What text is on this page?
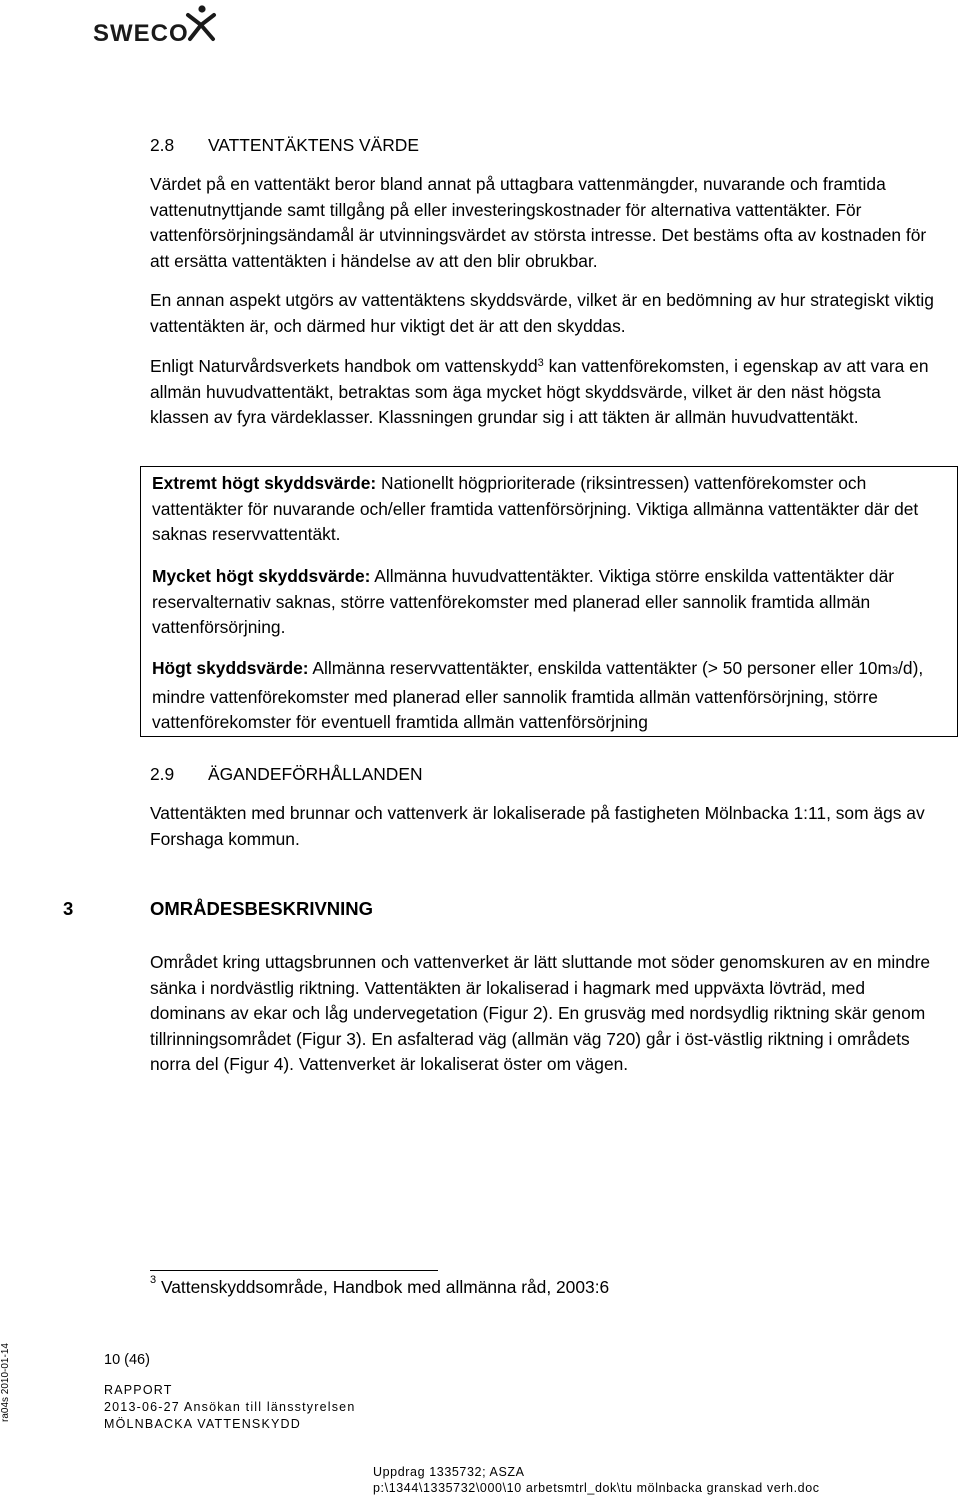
SWECO
2.8 VATTENTÄKTENS VÄRDE

Värdet på en vattentäkt beror bland annat på uttagbara vattenmängder, nuvarande och framtida vattenutnyttjande samt tillgång på eller investeringskostnader för alternativa vattentäkter. För vattenförsörjningsändamål är utvinningsvärdet av största intresse. Det bestäms ofta av kostnaden för att ersätta vattentäkten i händelse av att den blir obrukbar.

En annan aspekt utgörs av vattentäktens skyddsvärde, vilket är en bedömning av hur strategiskt viktig vattentäkten är, och därmed hur viktigt det är att den skyddas.

Enligt Naturvårdsverkets handbok om vattenskydd$^3$ kan vattenförekomsten, i egenskap av att vara en allmän huvudvattentäkt, betraktas som äga mycket högt skyddsvärde, vilket är den näst högsta klassen av fyra värdeklasser. Klassningen grundar sig i att täkten är allmän huvudvattentäkt.

Extremt högt skyddsvärde: Nationellt högprioriterade (riksintressen) vattenförekomster och vattentäkter för nuvarande och/eller framtida vattenförsörjning. Viktiga allmänna vattentäkter där det saknas reservvattentäkt.

Mycket högt skyddsvärde: Allmänna huvudvattentäkter. Viktiga större enskilda vattentäkter där reservalternativ saknas, större vattenförekomster med planerad eller sannolik framtida allmän vattenförsörjning.

Högt skyddsvärde: Allmänna reservvattentäkter, enskilda vattentäkter (> 50 personer eller 10m3/d), mindre vattenförekomster med planerad eller sannolik framtida allmän vattenförsörjning, större vattenförekomster för eventuell framtida allmän vattenförsörjning

2.9 ÄGANDEFÖRHÅLLANDEN

Vattentäkten med brunnar och vattenverk är lokaliserade på fastigheten Mölnbacka 1:11, som ägs av Forshaga kommun.

3	OMRÅDESBESKRIVNING

Området kring uttagsbrunnen och vattenverket är lätt sluttande mot söder genomskuren av en mindre sänka i nordvästlig riktning. Vattentäkten är lokaliserad i hagmark med uppväxta lövträd, med dominans av ekar och låg undervegetation (Figur 2). En grusväg med nordsydlig riktning skär genom tillrinningsområdet (Figur 3). En asfalterad väg (allmän väg 720) går i öst-västlig riktning i områdets norra del (Figur 4). Vattenverket är lokaliserat öster om vägen.

$^3$ Vattenskyddsområde, Handbok med allmänna råd, 2003:6

10 (46)
ra04s 2010-01-14	RAPPORT
2013-06-27 Ansökan till länsstyrelsen
MÖLNBACKA VATTENSKYDD
Uppdrag 1335732; ASZA
p:\1344\1335732\000\10 arbetsmtrl_dok\tu mölnbacka granskad verh.doc
